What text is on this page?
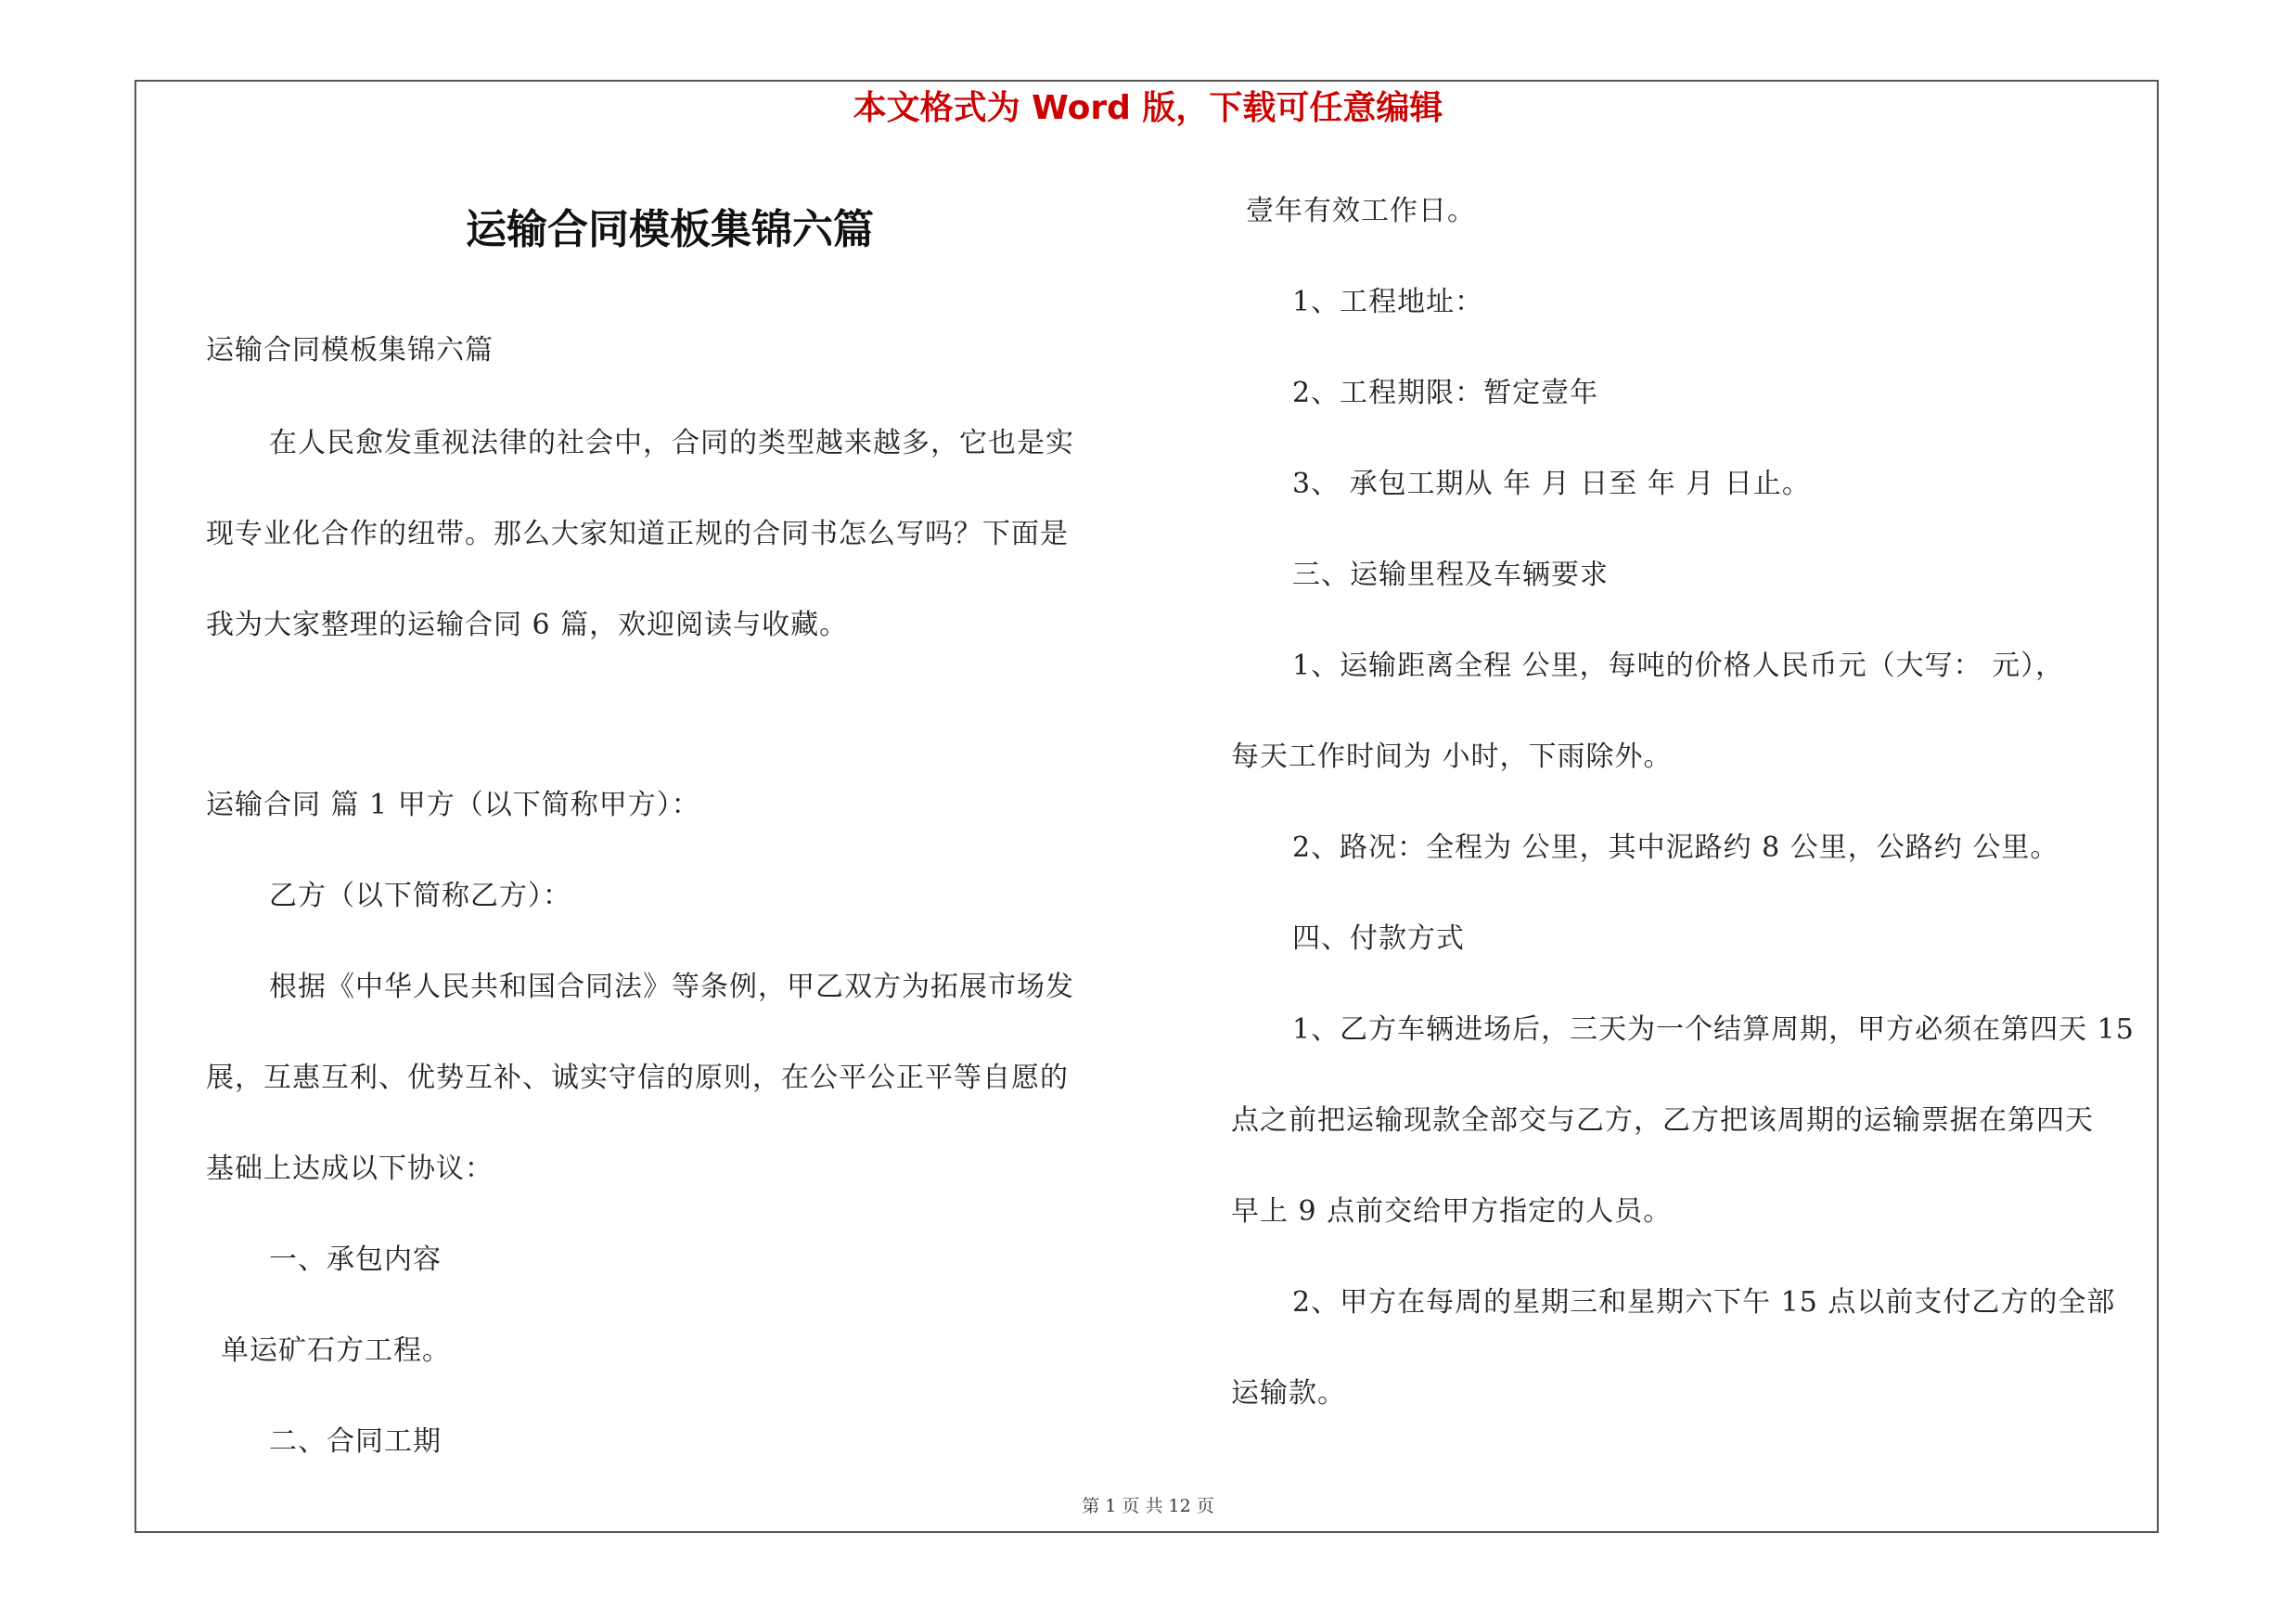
本文格式为 Word 版，下载可任意编辑
运输合同模板集锦六篇
运输合同模板集锦六篇
在人民愈发重视法律的社会中，合同的类型越来越多，它也是实
现专业化合作的纽带。那么大家知道正规的合同书怎么写吗？下面是
我为大家整理的运输合同 6 篇，欢迎阅读与收藏。
运输合同 篇 1 甲方（以下简称甲方）：
乙方（以下简称乙方）：
根据《中华人民共和国合同法》等条例，甲乙双方为拓展市场发
展，互惠互利、优势互补、诚实守信的原则，在公平公正平等自愿的
基础上达成以下协议：
一、承包内容
单运矿石方工程。
二、合同工期
壹年有效工作日。
1、工程地址：
2、工程期限：暂定壹年
3、 承包工期从 年 月 日至 年 月 日止。
三、运输里程及车辆要求
1、运输距离全程 公里，每吨的价格人民币元（大写： 元），
每天工作时间为 小时，下雨除外。
2、路况：全程为 公里，其中泥路约 8 公里，公路约 公里。
四、付款方式
1、乙方车辆进场后，三天为一个结算周期，甲方必须在第四天 15
点之前把运输现款全部交与乙方，乙方把该周期的运输票据在第四天
早上 9 点前交给甲方指定的人员。
2、甲方在每周的星期三和星期六下午 15 点以前支付乙方的全部
运输款。
第 1 页 共 12 页
